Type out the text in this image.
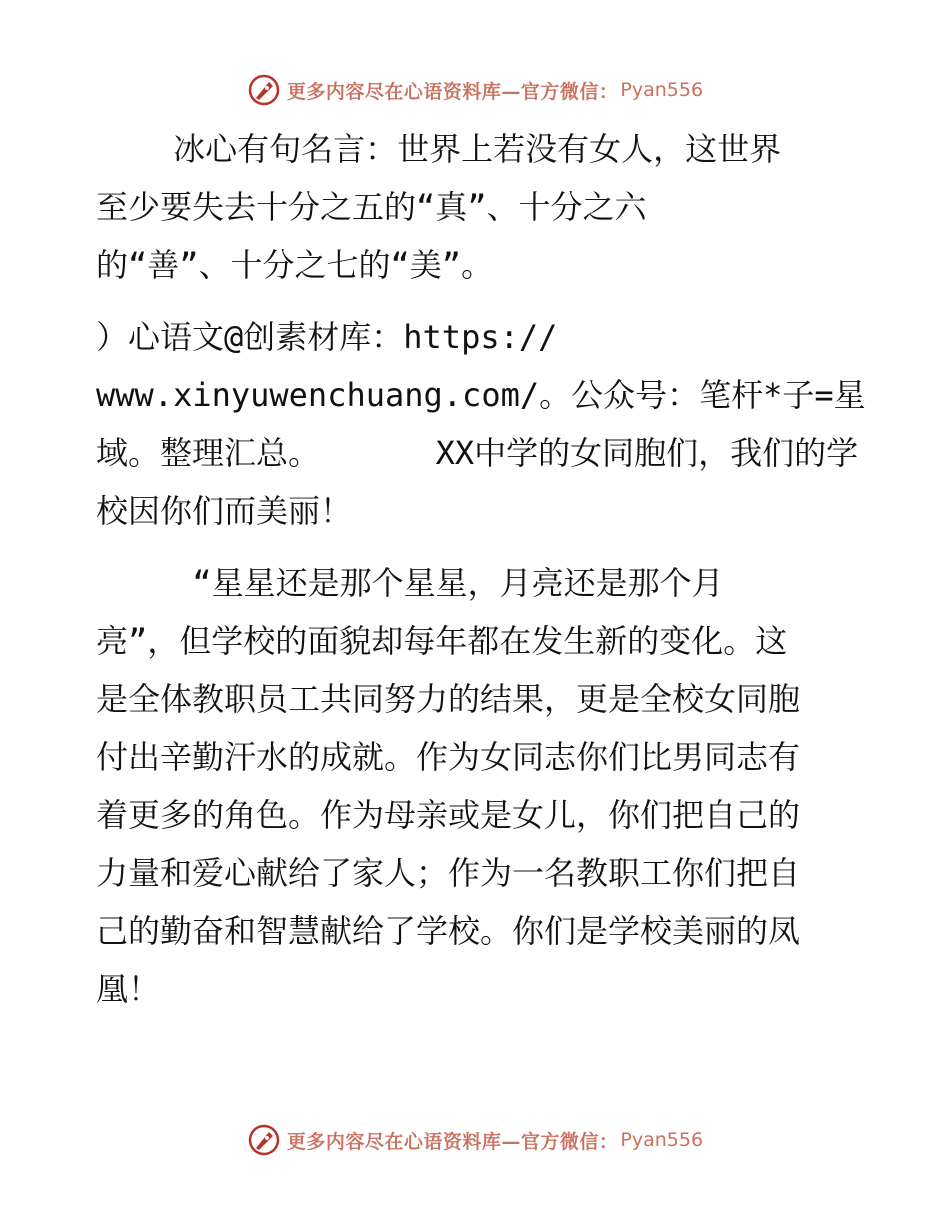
更多内容尽在心语资料库—官方微信： Pyan556
冰心有句名言：世界上若没有女人，这世界
至少要失去十分之五的“真”、十分之六
的“善”、十分之七的“美”。
）心语文@创素材库：https://
www.xinyuwenchuang.com/。公众号：笔杆*子=星
域。整理汇总。      XX中学的女同胞们，我们的学
校因你们而美丽！
“星星还是那个星星，月亮还是那个月
亮”，但学校的面貌却每年都在发生新的变化。这
是全体教职员工共同努力的结果，更是全校女同胞
付出辛勤汗水的成就。作为女同志你们比男同志有
着更多的角色。作为母亲或是女儿，你们把自己的
力量和爱心献给了家人；作为一名教职工你们把自
己的勤奋和智慧献给了学校。你们是学校美丽的凤
凰！
更多内容尽在心语资料库—官方微信： Pyan556
